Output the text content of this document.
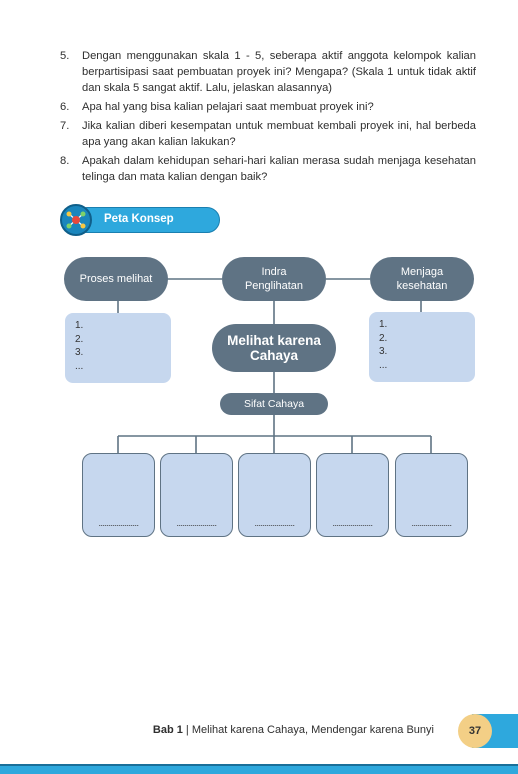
5.	Dengan menggunakan skala 1 - 5, seberapa aktif anggota kelompok kalian berpartisipasi saat pembuatan proyek ini? Mengapa? (Skala 1 untuk tidak aktif dan skala 5 sangat aktif. Lalu, jelaskan alasannya)
6.	Apa hal yang bisa kalian pelajari saat membuat proyek ini?
7.	Jika kalian diberi kesempatan untuk membuat kembali proyek ini, hal berbeda apa yang akan kalian lakukan?
8.	Apakah dalam kehidupan sehari-hari kalian merasa sudah menjaga kesehatan telinga dan mata kalian dengan baik?
Peta Konsep
Proses melihat
Indra Penglihatan
Menjaga kesehatan
1.
2.
3.
...
1.
2.
3.
...
Melihat karena Cahaya
Sifat Cahaya
....................	....................	....................	....................	....................
Bab 1 | Melihat karena Cahaya, Mendengar karena Bunyi	37
